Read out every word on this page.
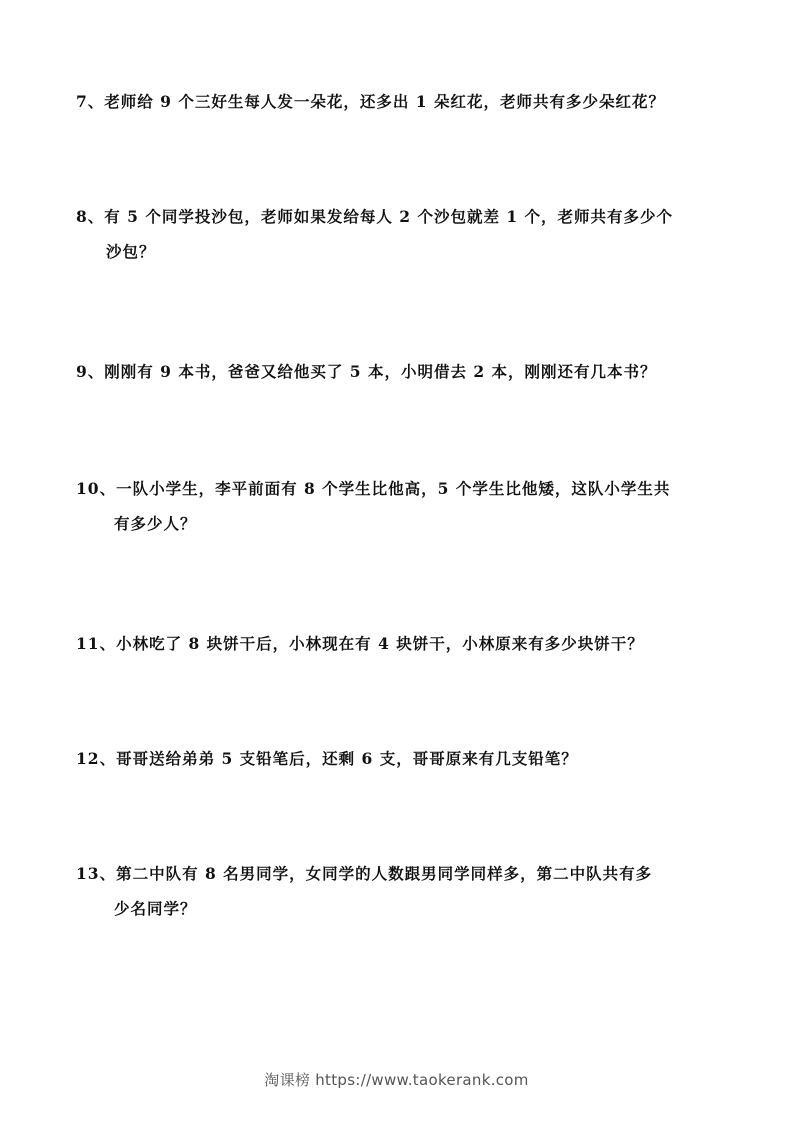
7、老师给 9 个三好生每人发一朵花，还多出 1 朵红花，老师共有多少朵红花？

8、有 5 个同学投沙包，老师如果发给每人 2 个沙包就差 1 个，老师共有多少个
沙包？

9、刚刚有 9 本书，爸爸又给他买了 5 本，小明借去 2 本，刚刚还有几本书？

10、一队小学生，李平前面有 8 个学生比他高，5 个学生比他矮，这队小学生共
有多少人？

11、小林吃了 8 块饼干后，小林现在有 4 块饼干，小林原来有多少块饼干？

12、哥哥送给弟弟 5 支铅笔后，还剩 6 支，哥哥原来有几支铅笔？

13、第二中队有 8 名男同学，女同学的人数跟男同学同样多，第二中队共有多
少名同学？

淘课榜 https://www.taokerank.com
